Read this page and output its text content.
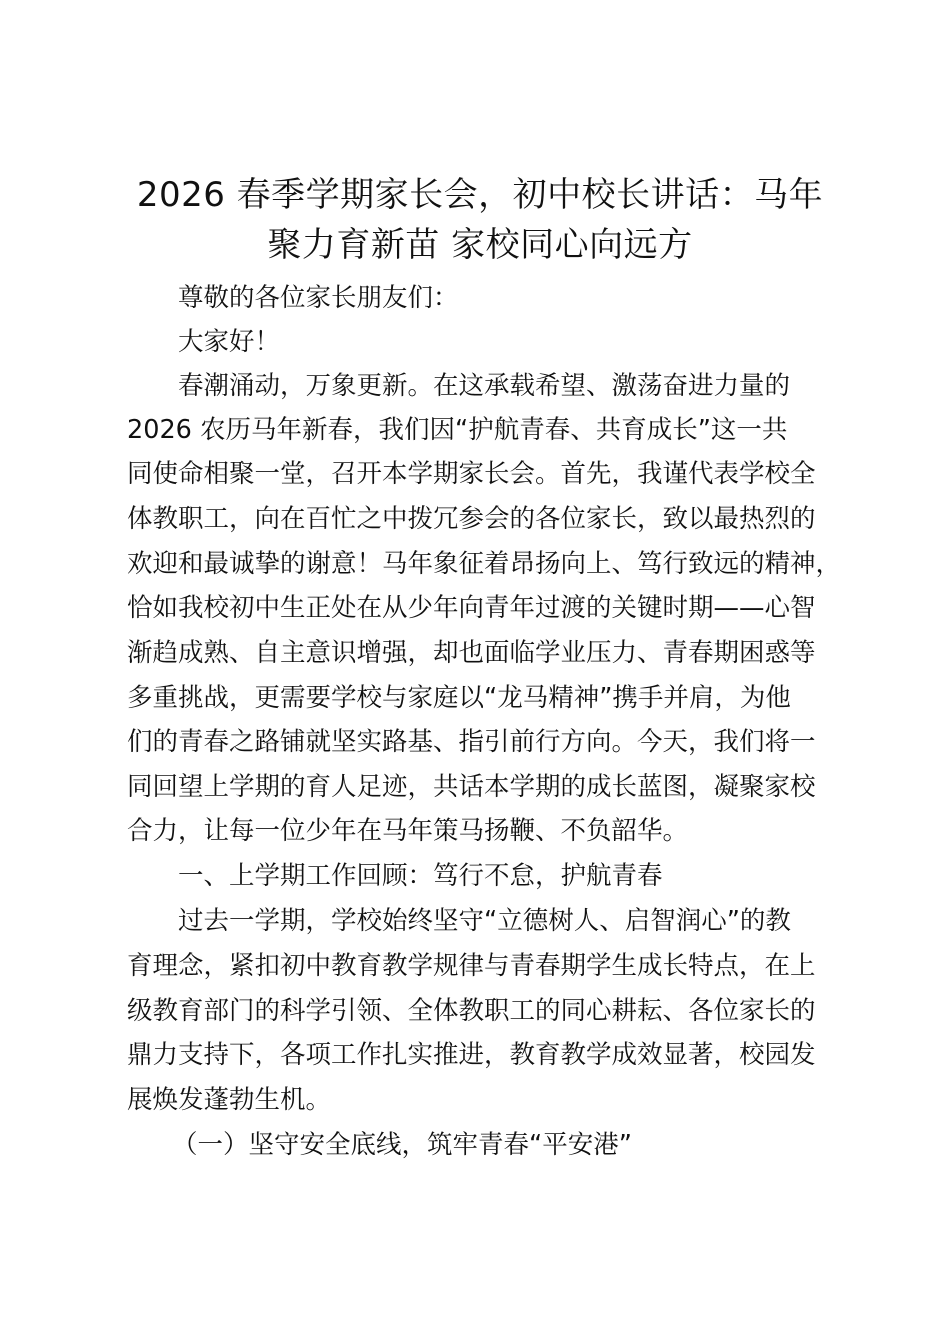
2026 春季学期家长会，初中校长讲话：马年
聚力育新苗 家校同心向远方

尊敬的各位家长朋友们：

大家好！

春潮涌动，万象更新。在这承载希望、激荡奋进力量的

2026 农历马年新春，我们因“护航青春、共育成长”这一共

同使命相聚一堂，召开本学期家长会。首先，我谨代表学校全

体教职工，向在百忙之中拨冗参会的各位家长，致以最热烈的

欢迎和最诚挚的谢意！马年象征着昂扬向上、笃行致远的精神，

恰如我校初中生正处在从少年向青年过渡的关键时期——心智

渐趋成熟、自主意识增强，却也面临学业压力、青春期困惑等

多重挑战，更需要学校与家庭以“龙马精神”携手并肩，为他

们的青春之路铺就坚实路基、指引前行方向。今天，我们将一

同回望上学期的育人足迹，共话本学期的成长蓝图，凝聚家校

合力，让每一位少年在马年策马扬鞭、不负韶华。

一、上学期工作回顾：笃行不怠，护航青春

过去一学期，学校始终坚守“立德树人、启智润心”的教

育理念，紧扣初中教育教学规律与青春期学生成长特点，在上

级教育部门的科学引领、全体教职工的同心耕耘、各位家长的

鼎力支持下，各项工作扎实推进，教育教学成效显著，校园发

展焕发蓬勃生机。

（一）坚守安全底线，筑牢青春“平安港”
